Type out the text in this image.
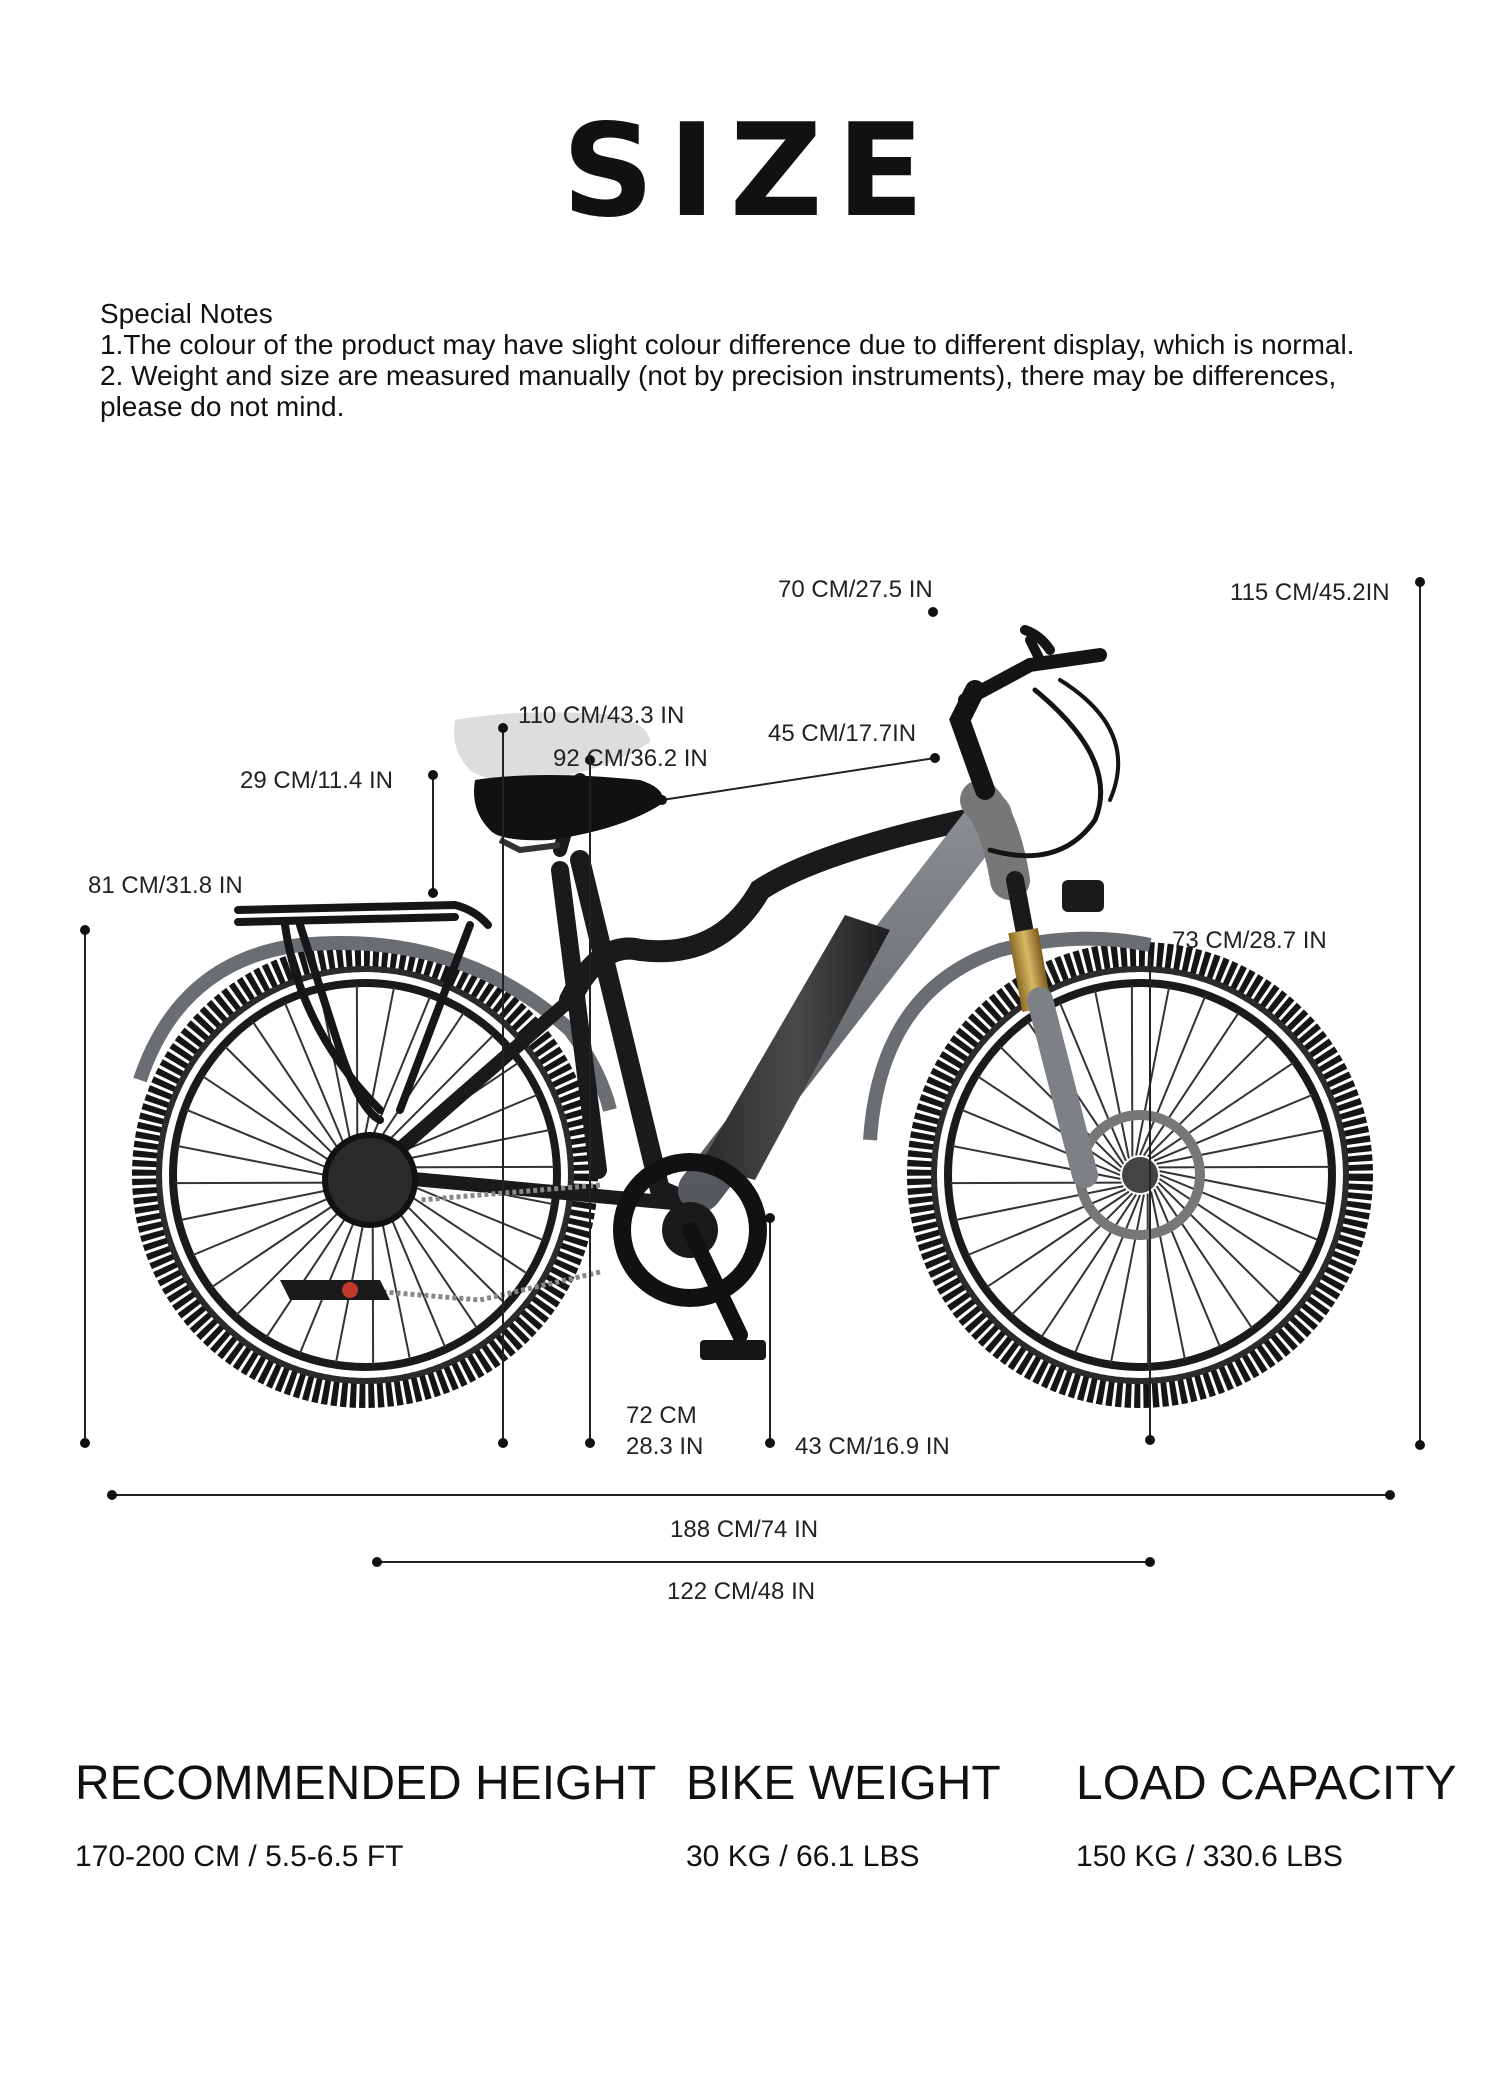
SIZE
Special Notes
1.The colour of the product may have slight colour difference due to different display, which is normal.
2. Weight and size are measured manually (not by precision instruments), there may be differences, please do not mind.
70 CM/27.5 IN	115 CM/45.2IN
110 CM/43.3 IN
92 CM/36.2 IN
45 CM/17.7IN
29 CM/11.4 IN
81 CM/31.8 IN
73 CM/28.7 IN
72 CM
28.3 IN	43 CM/16.9 IN
188 CM/74 IN
122 CM/48 IN
RECOMMENDED HEIGHT
170-200 CM / 5.5-6.5 FT
BIKE WEIGHT
30 KG / 66.1 LBS
LOAD CAPACITY
150 KG / 330.6 LBS
